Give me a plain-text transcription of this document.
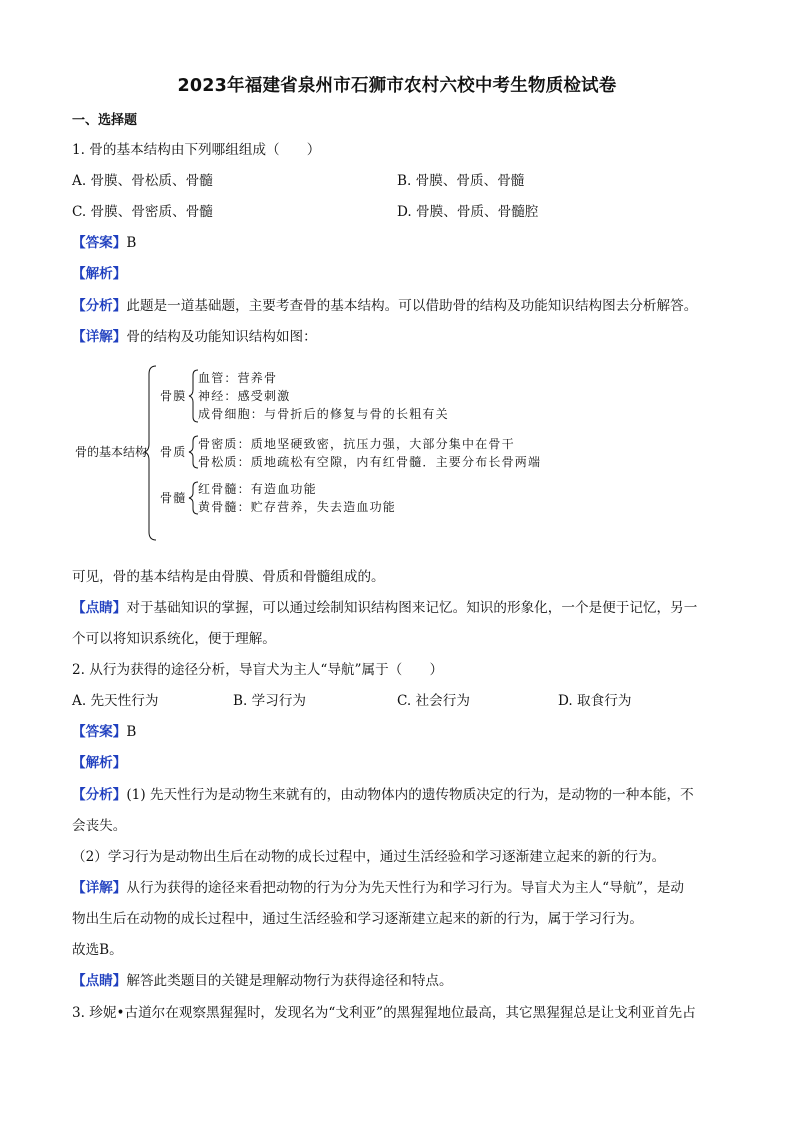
2023年福建省泉州市石狮市农村六校中考生物质检试卷
一、选择题
1. 骨的基本结构由下列哪组组成（　　）
A. 骨膜、骨松质、骨髓	B. 骨膜、骨质、骨髓
C. 骨膜、骨密质、骨髓	D. 骨膜、骨质、骨髓腔
【答案】B
【解析】
【分析】此题是一道基础题，主要考查骨的基本结构。可以借助骨的结构及功能知识结构图去分析解答。
【详解】骨的结构及功能知识结构如图：
骨的基本结构
骨膜
血管：营养骨
神经：感受刺激
成骨细胞：与骨折后的修复与骨的长粗有关
骨质
骨密质：质地坚硬致密，抗压力强，大部分集中在骨干
骨松质：质地疏松有空隙，内有红骨髓．主要分布长骨两端
骨髓
红骨髓：有造血功能
黄骨髓：贮存营养，失去造血功能
可见，骨的基本结构是由骨膜、骨质和骨髓组成的。
【点睛】对于基础知识的掌握，可以通过绘制知识结构图来记忆。知识的形象化，一个是便于记忆，另一
个可以将知识系统化，便于理解。
2. 从行为获得的途径分析，导盲犬为主人“导航”属于（　　）
A. 先天性行为	B. 学习行为	C. 社会行为	D. 取食行为
【答案】B
【解析】
【分析】(1) 先天性行为是动物生来就有的，由动物体内的遗传物质决定的行为，是动物的一种本能，不
会丧失。
（2）学习行为是动物出生后在动物的成长过程中，通过生活经验和学习逐渐建立起来的新的行为。
【详解】从行为获得的途径来看把动物的行为分为先天性行为和学习行为。导盲犬为主人“导航”，是动
物出生后在动物的成长过程中，通过生活经验和学习逐渐建立起来的新的行为，属于学习行为。
故选B。
【点睛】解答此类题目的关键是理解动物行为获得途径和特点。
3. 珍妮•古道尔在观察黑猩猩时，发现名为“戈利亚”的黑猩猩地位最高，其它黑猩猩总是让戈利亚首先占
